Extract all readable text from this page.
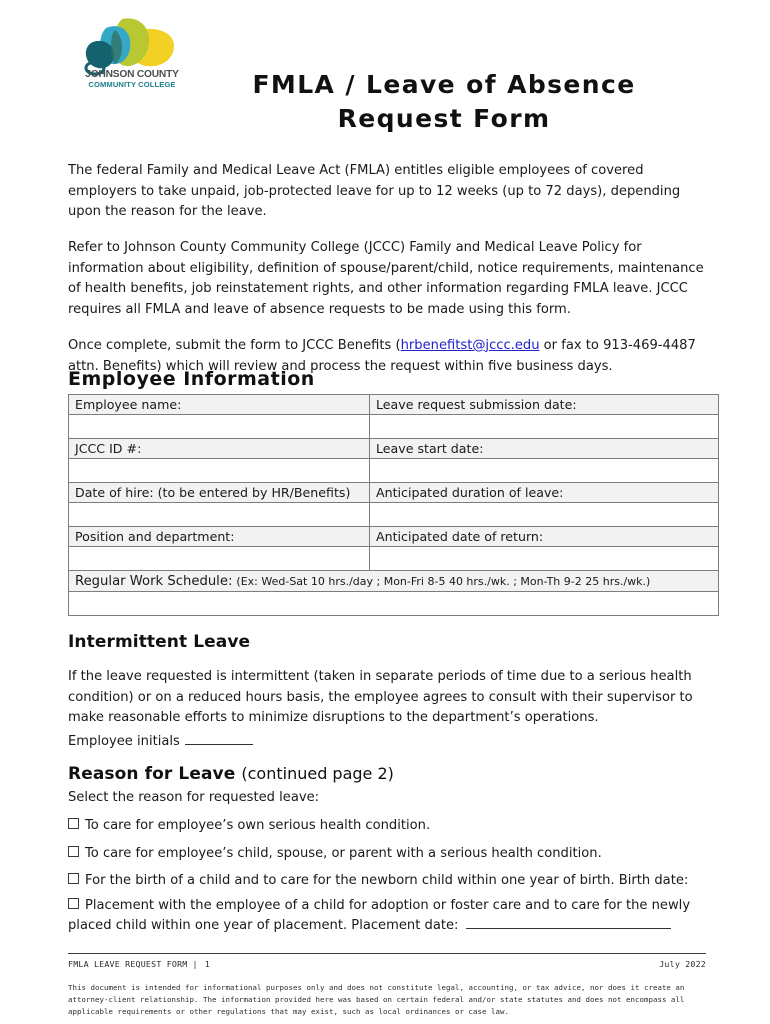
JOHNSON COUNTY
COMMUNITY COLLEGE	FMLA / Leave of Absence
Request Form

The federal Family and Medical Leave Act (FMLA) entitles eligible employees of covered employers to take unpaid, job-protected leave for up to 12 weeks (up to 72 days), depending upon the reason for the leave.

Refer to Johnson County Community College (JCCC) Family and Medical Leave Policy for information about eligibility, definition of spouse/parent/child, notice requirements, maintenance of health benefits, job reinstatement rights, and other information regarding FMLA leave. JCCC requires all FMLA and leave of absence requests to be made using this form.

Once complete, submit the form to JCCC Benefits (hrbenefitst@jccc.edu or fax to 913-469-4487 attn. Benefits) which will review and process the request within five business days.

Employee Information
Employee name:	Leave request submission date:

JCCC ID #:	Leave start date:

Date of hire: (to be entered by HR/Benefits)	Anticipated duration of leave:

Position and department:	Anticipated date of return:

Regular Work Schedule: (Ex: Wed-Sat 10 hrs./day ; Mon-Fri 8-5 40 hrs./wk. ; Mon-Th 9-2 25 hrs./wk.)	

Intermittent Leave
If the leave requested is intermittent (taken in separate periods of time due to a serious health condition) or on a reduced hours basis, the employee agrees to consult with their supervisor to make reasonable efforts to minimize disruptions to the department’s operations.
Employee initials
Reason for Leave (continued page 2)
Select the reason for requested leave:
To care for employee’s own serious health condition.
To care for employee’s child, spouse, or parent with a serious health condition.
For the birth of a child and to care for the newborn child within one year of birth. Birth date:
Placement with the employee of a child for adoption or foster care and to care for the newly placed child within one year of placement. Placement date:
FMLA LEAVE REQUEST FORM | 1	July 2022
This document is intended for informational purposes only and does not constitute legal, accounting, or tax advice, nor does it create an attorney-client relationship. The information provided here was based on certain federal and/or state statutes and does not encompass all applicable requirements or other regulations that may exist, such as local ordinances or case law.
